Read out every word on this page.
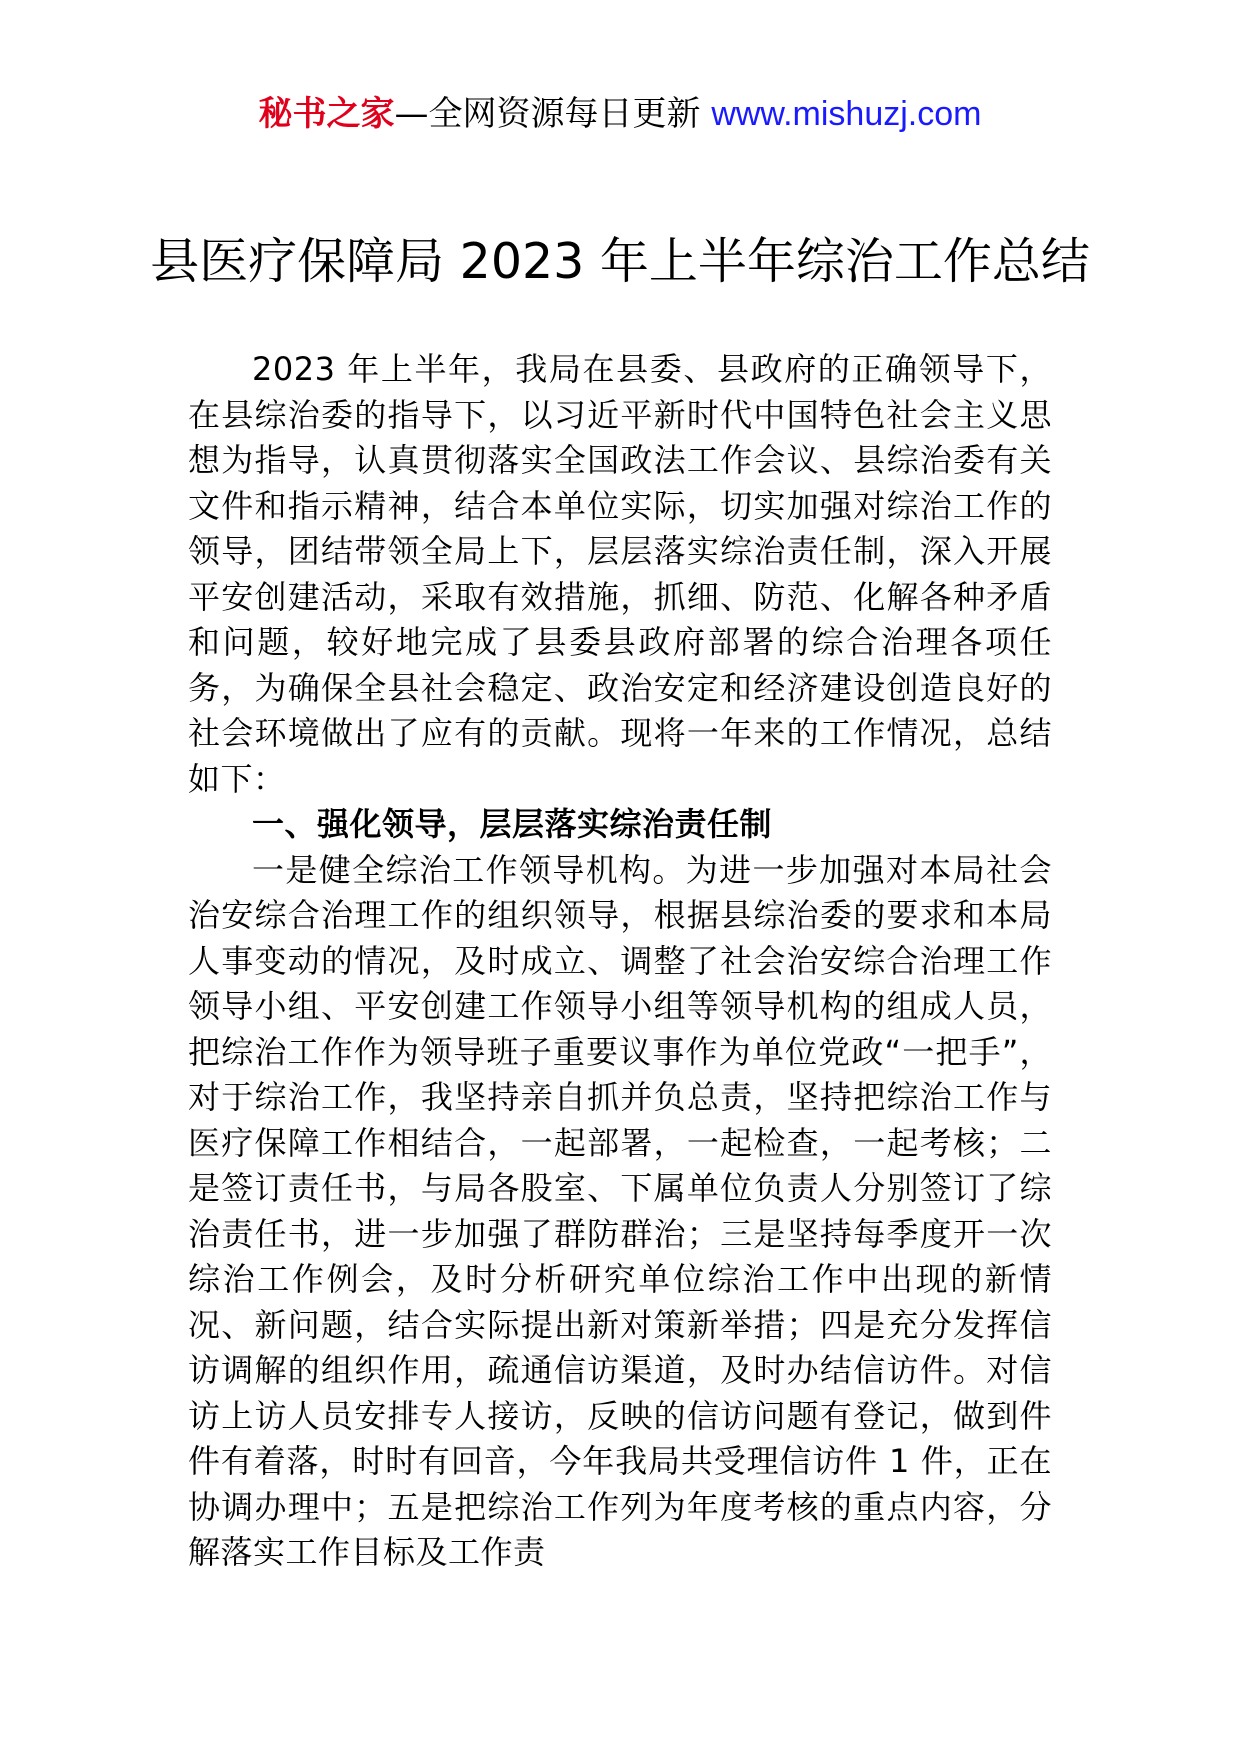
秘书之家—全网资源每日更新 www.mishuzj.com
县医疗保障局 2023 年上半年综治工作总结

2023 年上半年，我局在县委、县政府的正确领导下，在县综治委的指导下，以习近平新时代中国特色社会主义思想为指导，认真贯彻落实全国政法工作会议、县综治委有关文件和指示精神，结合本单位实际，切实加强对综治工作的领导，团结带领全局上下，层层落实综治责任制，深入开展平安创建活动，采取有效措施，抓细、防范、化解各种矛盾和问题，较好地完成了县委县政府部署的综合治理各项任务，为确保全县社会稳定、政治安定和经济建设创造良好的社会环境做出了应有的贡献。现将一年来的工作情况，总结如下：

一、强化领导，层层落实综治责任制

一是健全综治工作领导机构。为进一步加强对本局社会治安综合治理工作的组织领导，根据县综治委的要求和本局人事变动的情况，及时成立、调整了社会治安综合治理工作领导小组、平安创建工作领导小组等领导机构的组成人员，把综治工作作为领导班子重要议事作为单位党政“一把手”，对于综治工作，我坚持亲自抓并负总责，坚持把综治工作与医疗保障工作相结合，一起部署，一起检查，一起考核；二是签订责任书，与局各股室、下属单位负责人分别签订了综治责任书，进一步加强了群防群治；三是坚持每季度开一次综治工作例会，及时分析研究单位综治工作中出现的新情况、新问题，结合实际提出新对策新举措；四是充分发挥信访调解的组织作用，疏通信访渠道，及时办结信访件。对信访上访人员安排专人接访，反映的信访问题有登记，做到件件有着落，时时有回音，今年我局共受理信访件 1 件，正在协调办理中；五是把综治工作列为年度考核的重点内容，分解落实工作目标及工作责
